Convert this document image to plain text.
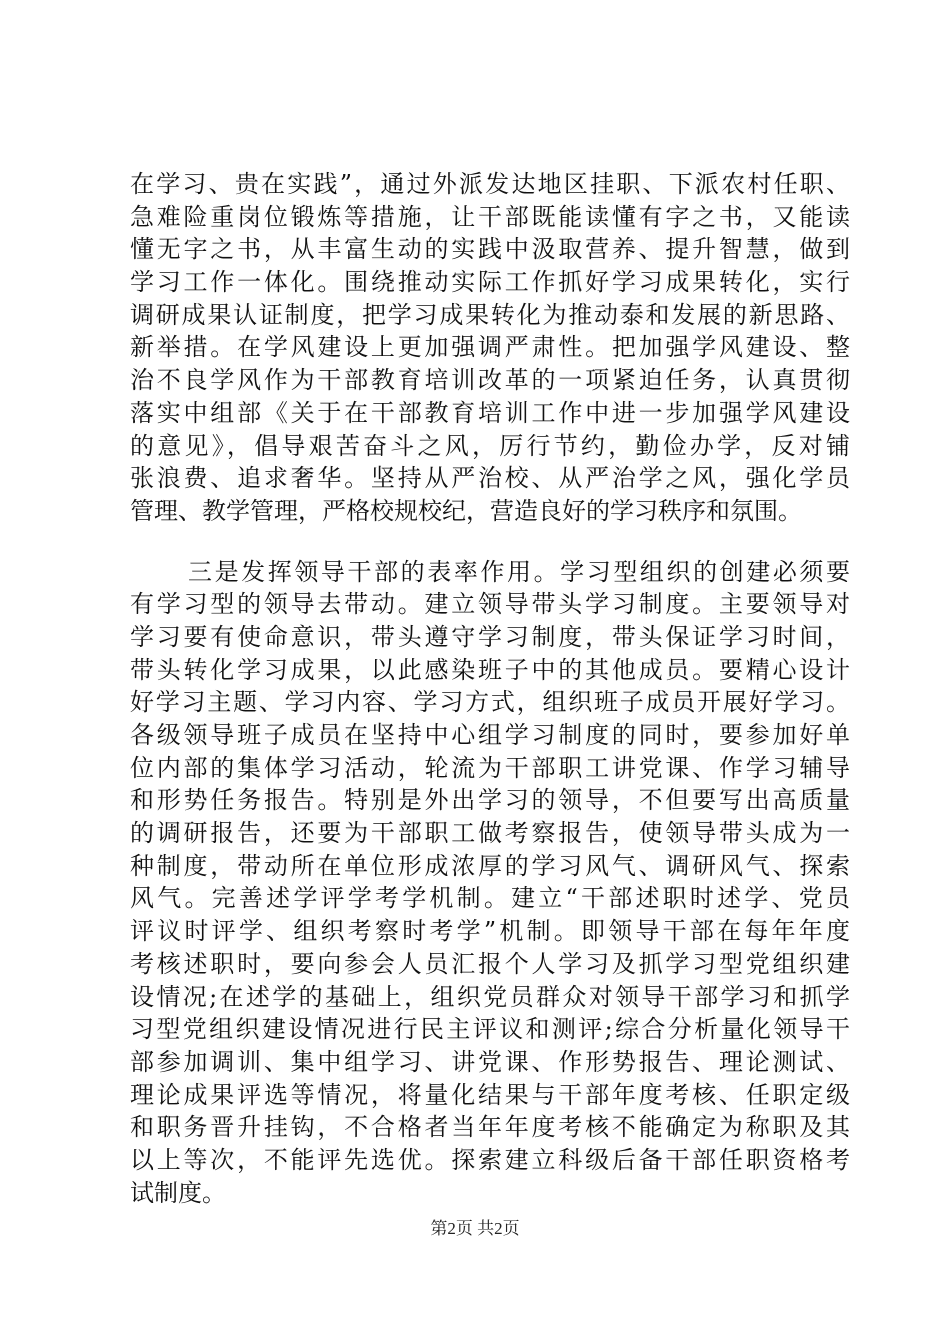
在学习、贵在实践”，通过外派发达地区挂职、下派农村任职、
急难险重岗位锻炼等措施，让干部既能读懂有字之书，又能读
懂无字之书，从丰富生动的实践中汲取营养、提升智慧，做到
学习工作一体化。围绕推动实际工作抓好学习成果转化，实行
调研成果认证制度，把学习成果转化为推动泰和发展的新思路、
新举措。在学风建设上更加强调严肃性。把加强学风建设、整
治不良学风作为干部教育培训改革的一项紧迫任务，认真贯彻
落实中组部《关于在干部教育培训工作中进一步加强学风建设
的意见》，倡导艰苦奋斗之风，厉行节约，勤俭办学，反对铺
张浪费、追求奢华。坚持从严治校、从严治学之风，强化学员
管理、教学管理，严格校规校纪，营造良好的学习秩序和氛围。
三是发挥领导干部的表率作用。学习型组织的创建必须要
有学习型的领导去带动。建立领导带头学习制度。主要领导对
学习要有使命意识，带头遵守学习制度，带头保证学习时间，
带头转化学习成果，以此感染班子中的其他成员。要精心设计
好学习主题、学习内容、学习方式，组织班子成员开展好学习。
各级领导班子成员在坚持中心组学习制度的同时，要参加好单
位内部的集体学习活动，轮流为干部职工讲党课、作学习辅导
和形势任务报告。特别是外出学习的领导，不但要写出高质量
的调研报告，还要为干部职工做考察报告，使领导带头成为一
种制度，带动所在单位形成浓厚的学习风气、调研风气、探索
风气。完善述学评学考学机制。建立“干部述职时述学、党员
评议时评学、组织考察时考学”机制。即领导干部在每年年度
考核述职时，要向参会人员汇报个人学习及抓学习型党组织建
设情况;在述学的基础上，组织党员群众对领导干部学习和抓学
习型党组织建设情况进行民主评议和测评;综合分析量化领导干
部参加调训、集中组学习、讲党课、作形势报告、理论测试、
理论成果评选等情况，将量化结果与干部年度考核、任职定级
和职务晋升挂钩，不合格者当年年度考核不能确定为称职及其
以上等次，不能评先选优。探索建立科级后备干部任职资格考
试制度。
第2页 共2页
